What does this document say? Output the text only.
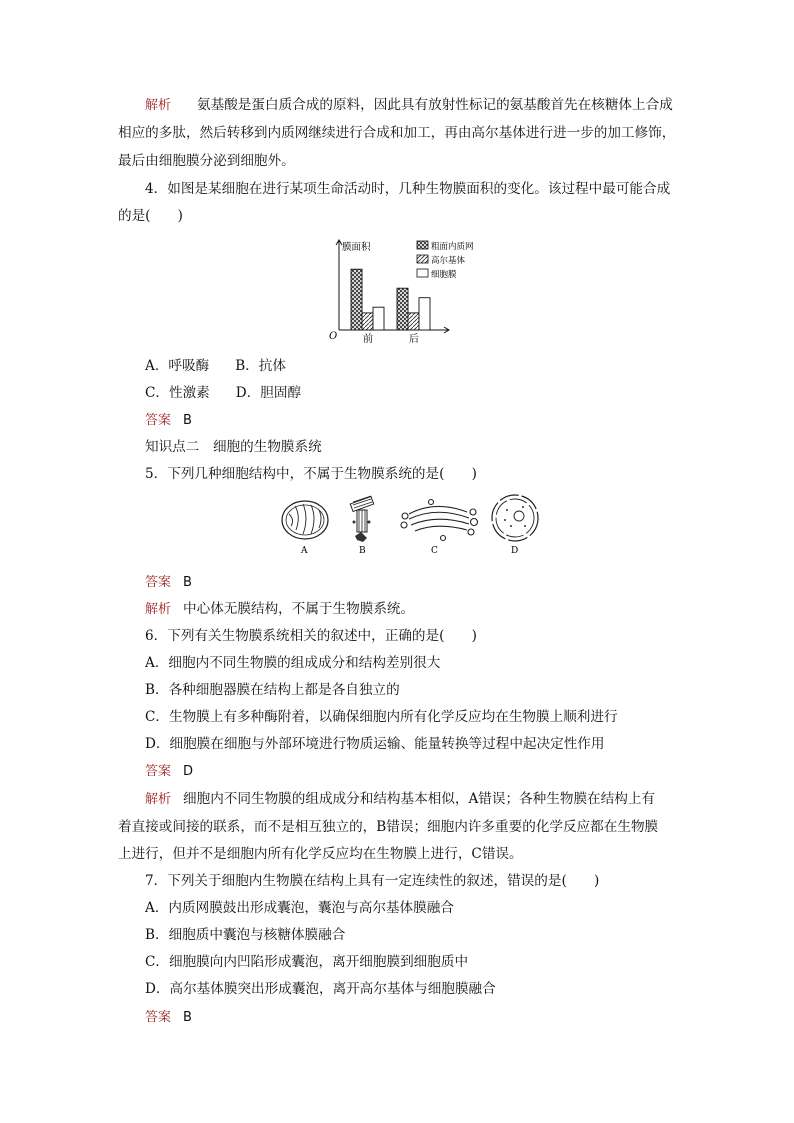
解析 氨基酸是蛋白质合成的原料，因此具有放射性标记的氨基酸首先在核糖体上合成
相应的多肽，然后转移到内质网继续进行合成和加工，再由高尔基体进行进一步的加工修饰，
最后由细胞膜分泌到细胞外。
4．如图是某细胞在进行某项生命活动时，几种生物膜面积的变化。该过程中最可能合成
的是(　　)
膜面积
O	前	后
粗面内质网
高尔基体
细胞膜
A．呼吸酶 B．抗体
C．性激素 D．胆固醇
答案 B
知识点二　细胞的生物膜系统
5．下列几种细胞结构中，不属于生物膜系统的是(　　)
A	B	C	D
答案 B
解析 中心体无膜结构，不属于生物膜系统。
6．下列有关生物膜系统相关的叙述中，正确的是(　　)
A．细胞内不同生物膜的组成成分和结构差别很大
B．各种细胞器膜在结构上都是各自独立的
C．生物膜上有多种酶附着，以确保细胞内所有化学反应均在生物膜上顺利进行
D．细胞膜在细胞与外部环境进行物质运输、能量转换等过程中起决定性作用
答案 D
解析 细胞内不同生物膜的组成成分和结构基本相似，A错误；各种生物膜在结构上有
着直接或间接的联系，而不是相互独立的，B错误；细胞内许多重要的化学反应都在生物膜
上进行，但并不是细胞内所有化学反应均在生物膜上进行，C错误。
7．下列关于细胞内生物膜在结构上具有一定连续性的叙述，错误的是(　　)
A．内质网膜鼓出形成囊泡，囊泡与高尔基体膜融合
B．细胞质中囊泡与核糖体膜融合
C．细胞膜向内凹陷形成囊泡，离开细胞膜到细胞质中
D．高尔基体膜突出形成囊泡，离开高尔基体与细胞膜融合
答案 B
